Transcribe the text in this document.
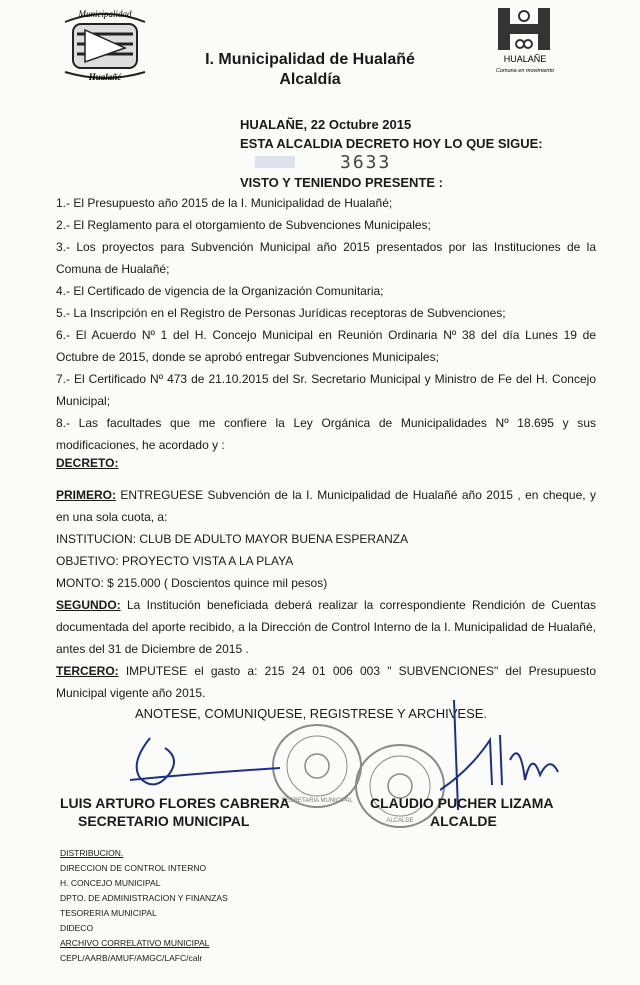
Municipalidad
Hualañé
I. Municipalidad de Hualañé
Alcaldía
HUALAÑE
Comuna en movimiento
HUALAÑE, 22 Octubre 2015
ESTA ALCALDIA DECRETO HOY LO QUE SIGUE:
3633
VISTO Y TENIENDO PRESENTE :

1.- El Presupuesto año 2015 de la I. Municipalidad de Hualañé;

2.- El Reglamento para el otorgamiento de Subvenciones Municipales;

3.- Los proyectos para Subvención Municipal año 2015 presentados por las Instituciones de la Comuna de Hualañé;

4.- El Certificado de vigencia de la Organización Comunitaria;

5.- La Inscripción en el Registro de Personas Jurídicas receptoras de Subvenciones;

6.- El Acuerdo Nº 1 del H. Concejo Municipal en Reunión Ordinaria Nº 38 del día Lunes 19 de Octubre de 2015, donde se aprobó entregar Subvenciones Municipales;

7.- El Certificado Nº 473 de 21.10.2015 del Sr. Secretario Municipal y Ministro de Fe del H. Concejo Municipal;

8.- Las facultades que me confiere la Ley Orgánica de Municipalidades Nº 18.695 y sus modificaciones, he acordado y :

DECRETO:

PRIMERO: ENTREGUESE Subvención de la I. Municipalidad de Hualañé año 2015 , en cheque, y en una sola cuota, a:

INSTITUCION: CLUB DE ADULTO MAYOR BUENA ESPERANZA

OBJETIVO: PROYECTO VISTA A LA PLAYA

MONTO: $ 215.000 ( Doscientos quince mil pesos)

SEGUNDO: La Institución beneficiada deberá realizar la correspondiente Rendición de Cuentas documentada del aporte recibido, a la Dirección de Control Interno de la I. Municipalidad de Hualañé, antes del 31 de Diciembre de 2015 .

TERCERO: IMPUTESE el gasto a: 215 24 01 006 003 " SUBVENCIONES" del Presupuesto Municipal vigente año 2015.

ANOTESE, COMUNIQUESE, REGISTRESE Y ARCHIVESE.
SECRETARIA MUNICIPAL
ALCALDE
LUIS ARTURO FLORES CABRERA
SECRETARIO MUNICIPAL
CLAUDIO PUCHER LIZAMA
ALCALDE
DISTRIBUCION.
DIRECCION DE CONTROL INTERNO
H. CONCEJO MUNICIPAL
DPTO. DE ADMINISTRACION Y FINANZAS
TESORERIA MUNICIPAL
DIDECO
ARCHIVO CORRELATIVO MUNICIPAL
CEPL/AARB/AMUF/AMGC/LAFC/calr
